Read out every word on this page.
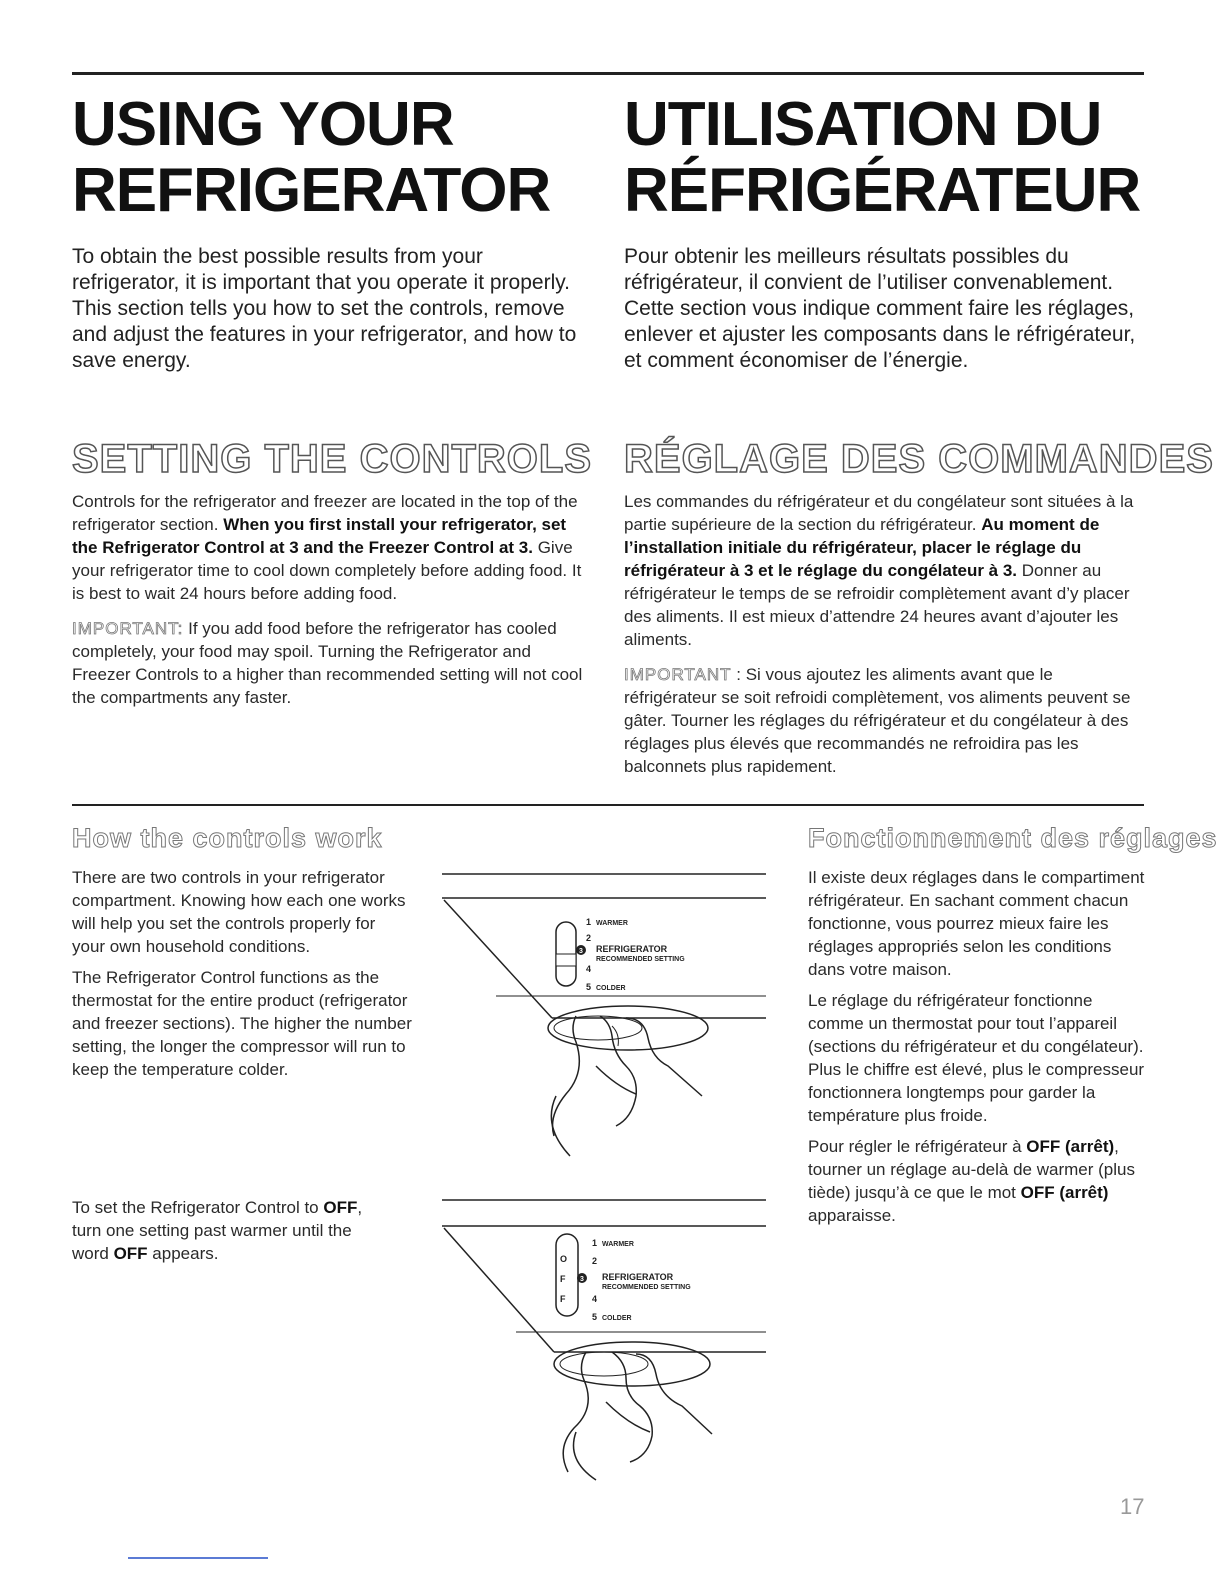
USING YOUR
REFRIGERATOR
UTILISATION DU
RÉFRIGÉRATEUR

To obtain the best possible results from your refrigerator, it is important that you operate it properly. This section tells you how to set the controls, remove and adjust the features in your refrigerator, and how to save energy.

Pour obtenir les meilleurs résultats possibles du réfrigérateur, il convient de l’utiliser convenablement. Cette section vous indique comment faire les réglages, enlever et ajuster les composants dans le réfrigérateur, et comment économiser de l’énergie.

SETTING THE CONTROLS RÉGLAGE DES COMMANDES

Controls for the refrigerator and freezer are located in the top of the refrigerator section. When you first install your refrigerator, set the Refrigerator Control at 3 and the Freezer Control at 3. Give your refrigerator time to cool down completely before adding food. It is best to wait 24 hours before adding food.

IMPORTANT: If you add food before the refrigerator has cooled completely, your food may spoil. Turning the Refrigerator and Freezer Controls to a higher than recommended setting will not cool the compartments any faster.

Les commandes du réfrigérateur et du congélateur sont situées à la partie supérieure de la section du réfrigérateur. Au moment de l’installation initiale du réfrigérateur, placer le réglage du réfrigérateur à 3 et le réglage du congélateur à 3. Donner au réfrigérateur le temps de se refroidir complètement avant d’y placer des aliments. Il est mieux d’attendre 24 heures avant d’ajouter les aliments.

IMPORTANT : Si vous ajoutez les aliments avant que le réfrigérateur se soit refroidi complètement, vos aliments peuvent se gâter. Tourner les réglages du réfrigérateur et du congélateur à des réglages plus élevés que recommandés ne refroidira pas les balconnets plus rapidement.

How the controls work	Fonctionnement des réglages

There are two controls in your refrigerator compartment. Knowing how each one works will help you set the controls properly for your own household conditions.

The Refrigerator Control functions as the thermostat for the entire product (refrigerator and freezer sections). The higher the number setting, the longer the compressor will run to keep the temperature colder.

To set the Refrigerator Control to OFF, turn one setting past warmer until the word OFF appears.

Il existe deux réglages dans le compartiment réfrigérateur. En sachant comment chacun fonctionne, vous pourrez mieux faire les réglages appropriés selon les conditions dans votre maison.

Le réglage du réfrigérateur fonctionne comme un thermostat pour tout l’appareil (sections du réfrigérateur et du congélateur). Plus le chiffre est élevé, plus le compresseur fonctionnera longtemps pour garder la température plus froide.

Pour régler le réfrigérateur à OFF (arrêt), tourner un réglage au-delà de warmer (plus tiède) jusqu’à ce que le mot OFF (arrêt) apparaisse.

1 WARMER
2
3 REFRIGERATOR
RECOMMENDED SETTING
4
5 COLDER
O
F
F
1 WARMER
2
3 REFRIGERATOR
RECOMMENDED SETTING
4
5 COLDER
17
